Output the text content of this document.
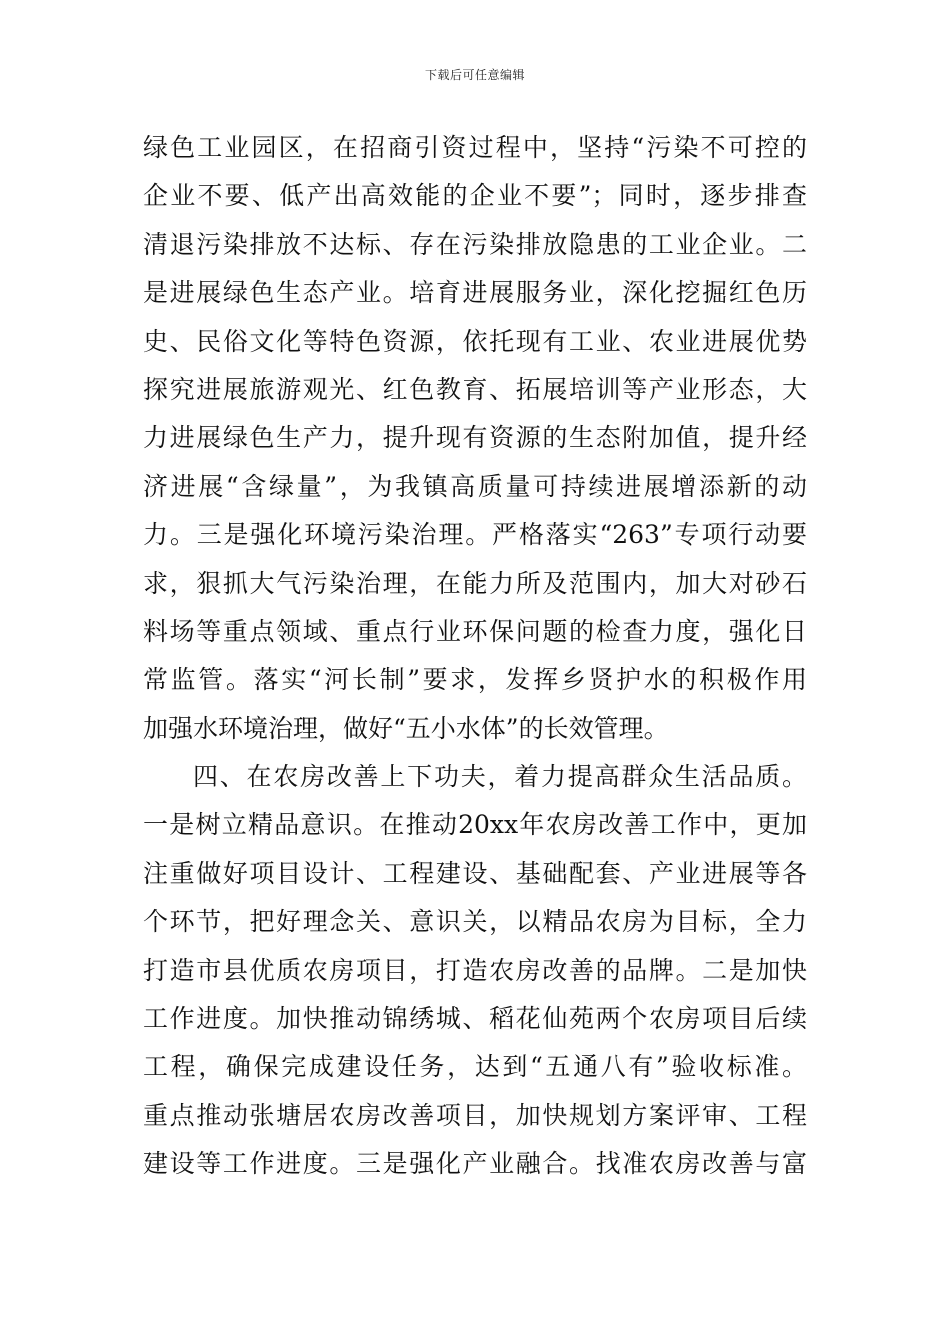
下载后可任意编辑
绿色工业园区，在招商引资过程中，坚持“污染不可控的
企业不要、低产出高效能的企业不要”；同时，逐步排查
清退污染排放不达标、存在污染排放隐患的工业企业。二
是进展绿色生态产业。培育进展服务业，深化挖掘红色历
史、民俗文化等特色资源，依托现有工业、农业进展优势
探究进展旅游观光、红色教育、拓展培训等产业形态，大
力进展绿色生产力，提升现有资源的生态附加值，提升经
济进展“含绿量”，为我镇高质量可持续进展增添新的动
力。三是强化环境污染治理。严格落实“263”专项行动要
求，狠抓大气污染治理，在能力所及范围内，加大对砂石
料场等重点领域、重点行业环保问题的检查力度，强化日
常监管。落实“河长制”要求，发挥乡贤护水的积极作用
加强水环境治理，做好“五小水体”的长效管理。
四、在农房改善上下功夫，着力提高群众生活品质。
一是树立精品意识。在推动20xx年农房改善工作中，更加
注重做好项目设计、工程建设、基础配套、产业进展等各
个环节，把好理念关、意识关，以精品农房为目标，全力
打造市县优质农房项目，打造农房改善的品牌。二是加快
工作进度。加快推动锦绣城、稻花仙苑两个农房项目后续
工程，确保完成建设任务，达到“五通八有”验收标准。
重点推动张塘居农房改善项目，加快规划方案评审、工程
建设等工作进度。三是强化产业融合。找准农房改善与富
